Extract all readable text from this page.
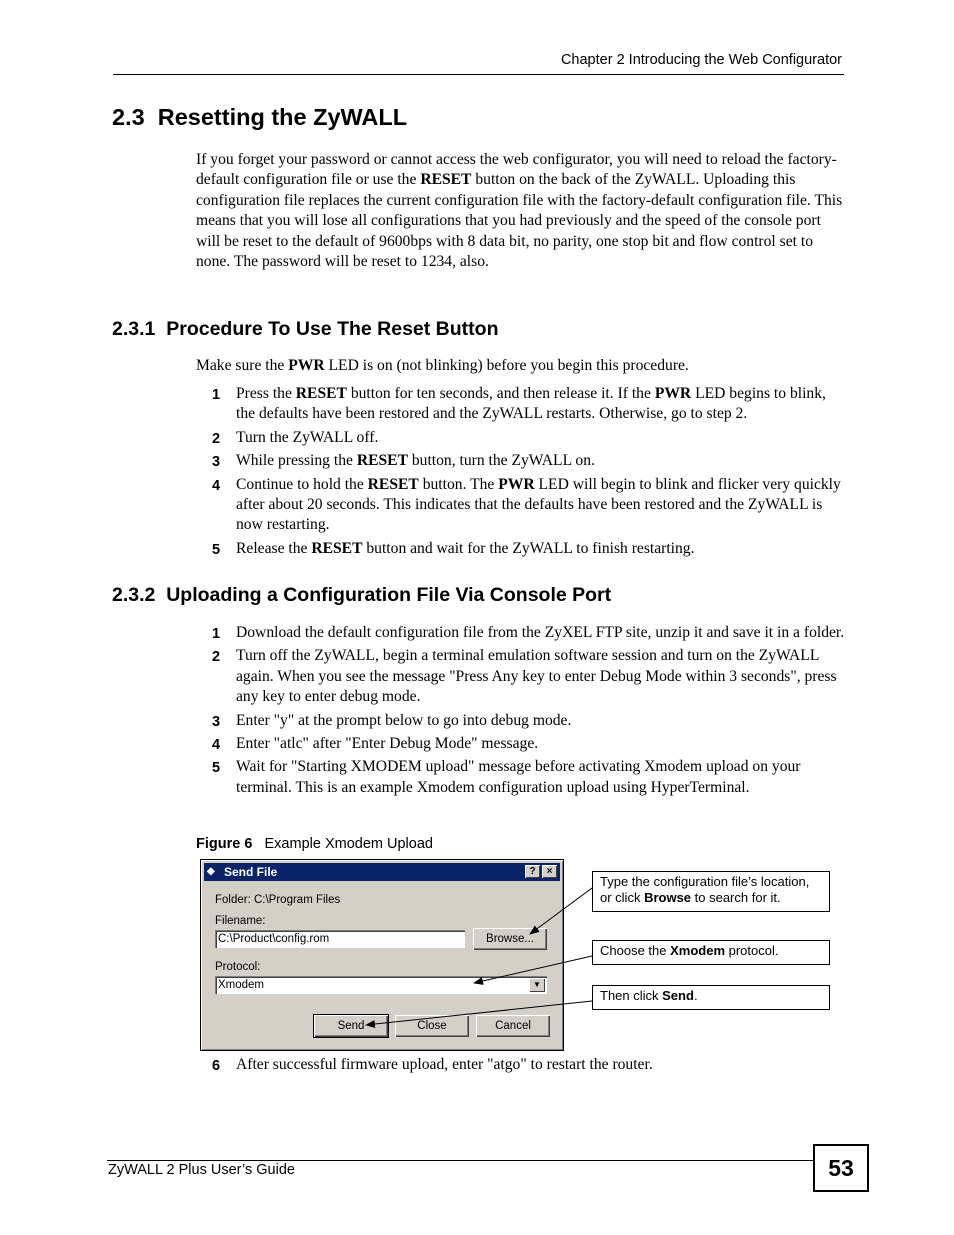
Chapter 2 Introducing the Web Configurator
2.3 Resetting the ZyWALL

If you forget your password or cannot access the web configurator, you will need to reload the factory-default configuration file or use the RESET button on the back of the ZyWALL. Uploading this configuration file replaces the current configuration file with the factory-default configuration file. This means that you will lose all configurations that you had previously and the speed of the console port will be reset to the default of 9600bps with 8 data bit, no parity, one stop bit and flow control set to none. The password will be reset to 1234, also.

2.3.1 Procedure To Use The Reset Button

Make sure the PWR LED is on (not blinking) before you begin this procedure.

1 Press the RESET button for ten seconds, and then release it. If the PWR LED begins to blink, the defaults have been restored and the ZyWALL restarts. Otherwise, go to step 2.
2 Turn the ZyWALL off.
3 While pressing the RESET button, turn the ZyWALL on.
4 Continue to hold the RESET button. The PWR LED will begin to blink and flicker very quickly after about 20 seconds. This indicates that the defaults have been restored and the ZyWALL is now restarting.
5 Release the RESET button and wait for the ZyWALL to finish restarting.
2.3.2 Uploading a Configuration File Via Console Port
1 Download the default configuration file from the ZyXEL FTP site, unzip it and save it in a folder.
2 Turn off the ZyWALL, begin a terminal emulation software session and turn on the ZyWALL again. When you see the message "Press Any key to enter Debug Mode within 3 seconds", press any key to enter debug mode.
3 Enter "y" at the prompt below to go into debug mode.
4 Enter "atlc" after "Enter Debug Mode" message.
5 Wait for "Starting XMODEM upload" message before activating Xmodem upload on your terminal. This is an example Xmodem configuration upload using HyperTerminal.
Figure 6 Example Xmodem Upload
◆ Send File	?	×
Folder: C:\Program Files
Filename:
C:\Product\config.rom	Browse...
Protocol:
Xmodem	▼
Send	Close	Cancel
Type the configuration file’s location, or click Browse to search for it.
Choose the Xmodem protocol.
Then click Send.
6 After successful firmware upload, enter "atgo" to restart the router.
ZyWALL 2 Plus User’s Guide	53
